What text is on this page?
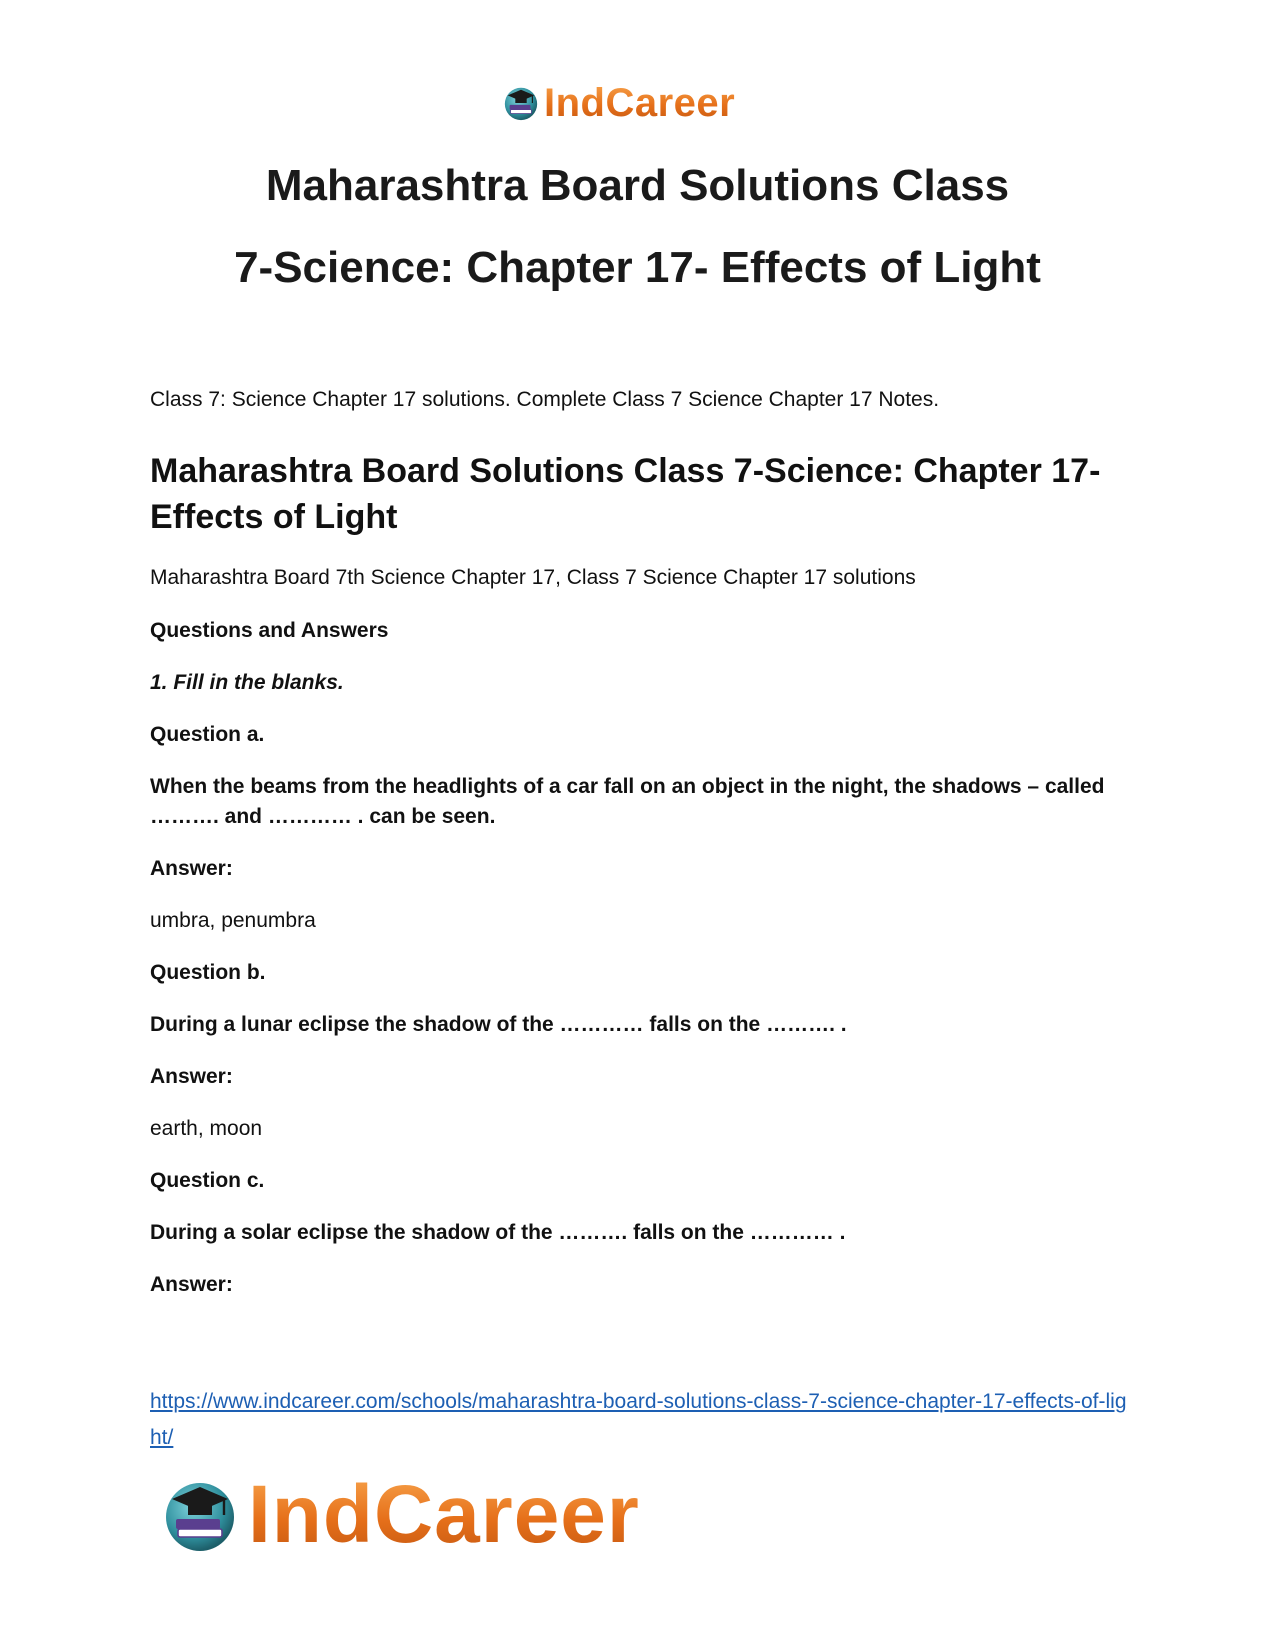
IndCareer
Maharashtra Board Solutions Class
7-Science: Chapter 17- Effects of Light

Class 7: Science Chapter 17 solutions. Complete Class 7 Science Chapter 17 Notes.

Maharashtra Board Solutions Class 7-Science: Chapter 17- Effects of Light

Maharashtra Board 7th Science Chapter 17, Class 7 Science Chapter 17 solutions

Questions and Answers

1. Fill in the blanks.

Question a.

When the beams from the headlights of a car fall on an object in the night, the shadows – called ………. and ………… . can be seen.

Answer:

umbra, penumbra

Question b.

During a lunar eclipse the shadow of the ………… falls on the ………. .

Answer:

earth, moon

Question c.

During a solar eclipse the shadow of the ………. falls on the ………… .

Answer:

https://www.indcareer.com/schools/maharashtra-board-solutions-class-7-science-chapter-17-effects-of-light/
IndCareer
